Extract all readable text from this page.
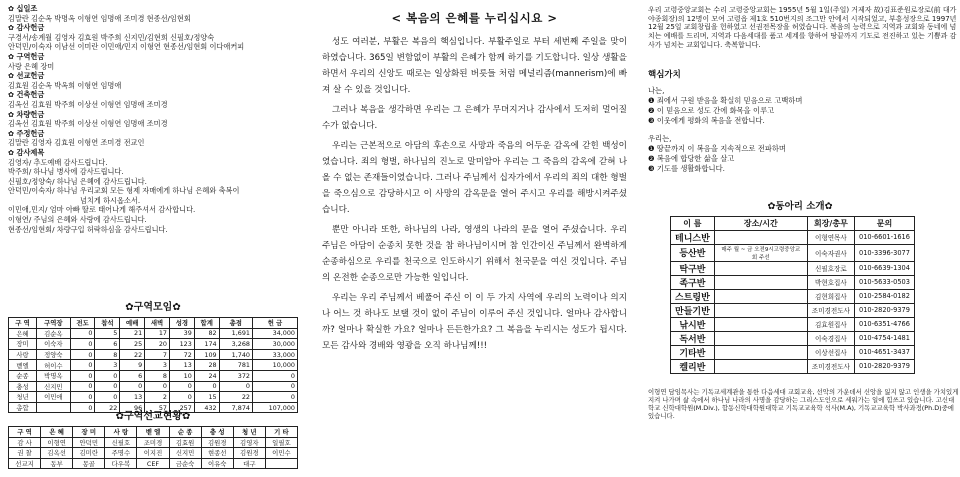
✿ 십일조
김말란 김순옥 박명옥 이형연 임명애 조미경 현종선/임현회
✿ 감사헌금
구경서/송계월 김영자 김효원 박주희 신지민/김현희 신필호/정양숙
안덕민/이숙자 이남선 이미란 이민애/민지 이형연 현종선/임현회 이다애커피
✿ 구역헌금
사랑 은혜 장미
✿ 선교헌금
김효원 김순옥 박옥희 이형연 임명애
✿ 건축헌금
김옥선 김효원 박주희 이상선 이형연 임명애 조미경
✿ 차량헌금
김옥선 김효원 박주희 이상선 이형연 임명애 조미경
✿ 주정헌금
김말란 김영자 김효원 이형연 조미경 전교인
✿ 감사제목
김영자/ 추도예배 감사드립니다.
박주희/ 하나님 병사에 감사드립니다.
신필호/정양숙/ 하나님 은혜에 감사드립니다.
안덕민/이숙자/ 하나님 우리교회 모든 형제 자매에게 하나님 은혜와 축복이
넘치게 하시옵소서.
이민애,민지/ 엄마 아빠 딸로 태어나게 해주셔서 감사합니다.
이형연/ 주님의 은혜와 사랑에 감사드립니다.
현종선/임현회/ 차량구입 허락하심을 감사드립니다.
✿구역모임✿
구 역	구역장	전도	참석	예배	새벽	성경	합계	총점	헌 금
은혜	김순옥	0	5	21	17	39	82	1,691	34,000
장미	이숙자	0	6	25	20	123	174	3,268	30,000
사랑	정양숙	0	8	22	7	72	109	1,740	33,000
벧엘	허이수	0	3	9	3	13	28	781	10,000
순종	박명옥	0	0	6	8	10	24	372	0
충성	신지민	0	0	0	0	0	0	0	0
청년	이민애	0	0	13	2	0	15	22	0
총합		0	22	96	57	257	432	7,874	107,000
✿구역선교현황✿
구 역	은 혜	장 미	사 랑	벧 엘	순 종	충 성	청 년	기 타
감 사	이형연	안덕민	신필호	조미경	김효원	김원경	김영자	일필호
권 찰	김옥선	김미란	주명수	이지진	신지민	현종선	김원경	이민수
선교지	동부	몽골	다우복	CEF	금순숙	이유숙	대구	
< 복음의 은혜를 누리십시요 >

성도 여러분, 부활은 복음의 핵심입니다. 부활주일로 부터 세번째 주일을 맞이하였습니다. 365일 변함없이 부활의 은혜가 함께 하기를 기도합니다. 일상 생활을 하면서 우리의 신앙도 때로는 일상화된 버릇들 처럼 메널리즘(mannerism)에 빠져 살 수 있을 것입니다.

그러나 복음을 생각하면 우리는 그 은혜가 무뎌지거나 감사에서 도저히 멀어질 수가 없습니다.

우리는 근본적으로 아담의 후손으로 사망과 죽음의 어두운 감옥에 갇힌 백성이였습니다. 죄의 형벌, 하나님의 진노로 말미암아 우리는 그 죽음의 감옥에 갇혀 나올 수 없는 존재들이였습니다. 그러나 주님께서 십자가에서 우리의 죄의 대한 형벌을 죽으심으로 감당하시고 이 사망의 감옥문을 열어 주시고 우리를 해방시켜주셨습니다.

뿐만 아니라 또한, 하나님의 나라, 영생의 나라의 문을 열어 주셨습니다. 우리 주님은 아담이 순종치 못한 것을 참 하나님이시며 참 인간이신 주님께서 완벽하게 순종하심으로 우리를 천국으로 인도하시기 위해서 천국문을 여신 것입니다. 주님의 온전한 순종으로만 가능한 일입니다.

우리는 우리 주님께서 베풀어 주신 이 이 두 가지 사역에 우리의 노력이나 의지나 어느 것 하나도 보탤 것이 없이 주님이 이루어 주신 것입니다. 얼마나 감사합니까? 얼마나 확실한 가요? 얼마나 든든한가요? 그 복음을 누리시는 성도가 됩시다. 모든 감사와 경배와 영광을 오직 하나님께!!!

우리 고령중앙교회는 수리 고령중앙교회는 1955년 5월 1일(주일) 거제자 故)김표준원로장로(前 대가야종회장)의 12명이 모여 고령읍 제1호 510번지의 조그만 안에서 시작되었고, 부흥성장으로 1997년 12월 25일 교회창립을 헌하였고 선권전목장을 허였습니다. 복음의 능력으로 지역과 교회와 동네에 넘치는 예배를 드리며, 지역과 다음세대를 품고 세계를 향하여 땅끝까지 기도로 전진하고 있는 기쁨과 감사가 넘치는 교회입니다. 축복합니다.
핵심가치
나는,
❶ 죄에서 구원 받음을 확실히 믿음으로 고백하며
❷ 이 믿음으로 성도 간에 화목을 이루고
❸ 이웃에게 평화의 복음을 전합니다.
우리는,
❶ 땅끝까지 이 복음을 지속적으로 전파하며
❷ 복음에 합당한 삶을 살고
❸ 기도를 생활화합니다.
✿동아리 소개✿
이 름	장소/시간	회장/총무	문의
테니스반		이형연목사	010-6601-1616
등산반	매주 월 ~ 금 오전9시고령중앙교회 주선	이숙자권사	010-3396-3077
탁구반		신필호장로	010-6639-1304
족구반		박현호집사	010-5633-0503
스트링반		김현희집사	010-2584-0182
만들기반		조미경전도사	010-2820-9379
낚시반		김효원집사	010-6351-4766
독서반		이숙경집사	010-4754-1481
기타반		이상선집사	010-4651-3437
켈리반		조미경전도사	010-2820-9379
이형연 담임목사는 기독교세계관을 통한 다음세대 교회교육, 선악의 가운데서 신앙을 잃지 않고 인생을 가치있게 지켜 나가며 삶 속에서 하나님 나라의 사명을 감당하는 그리스도인으로 세워가는 일에 힘쓰고 있습니다. 고신대학교 신학대학원(M.Div.), 합동신학대학원대학교 기독교교육학 석사(M.A), 기독교교육학 박사과정(Ph.D)중에 있습니다.
